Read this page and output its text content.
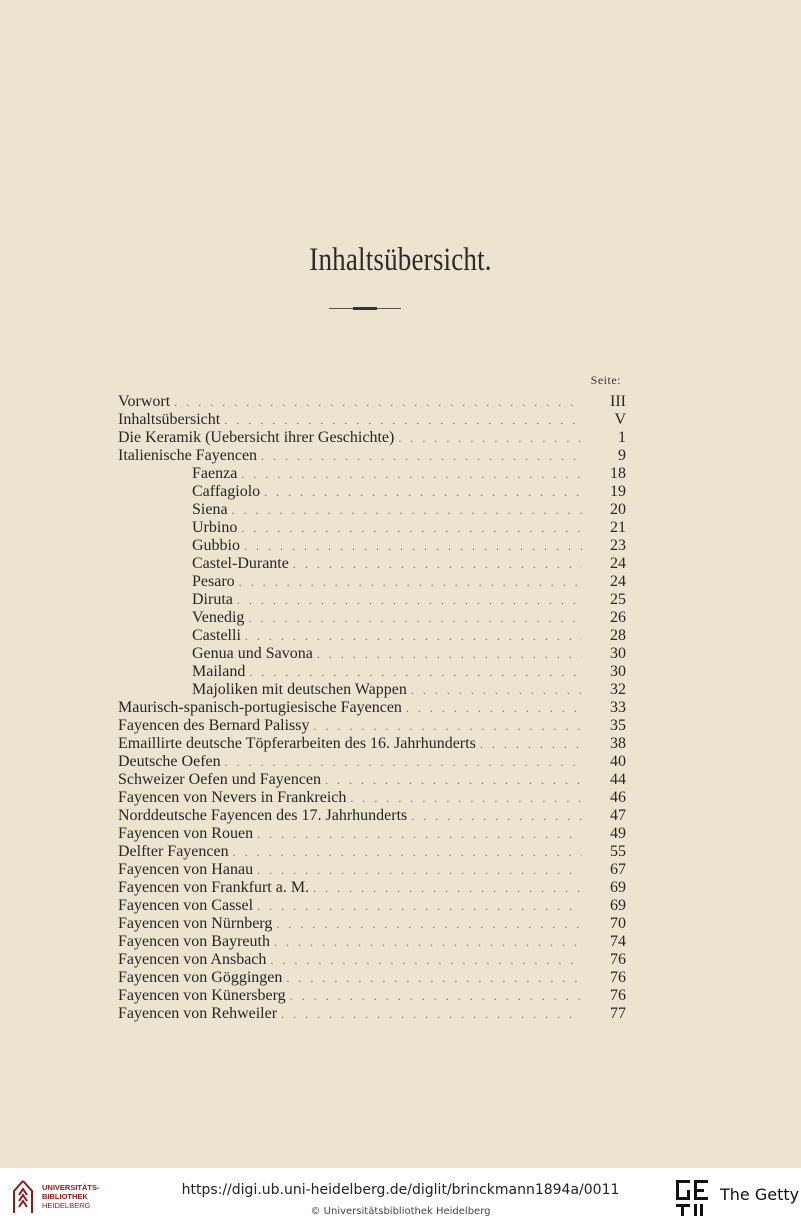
Inhaltsübersicht.
Seite:
Vorwort . . .	III
Inhaltsübersicht . . .	V
Die Keramik (Uebersicht ihrer Geschichte) . . .	1
Italienische Fayencen . . .	9
Faenza . . .	18
Caffagiolo . . .	19
Siena . . .	20
Urbino . . .	21
Gubbio . . .	23
Castel-Durante . . .	24
Pesaro . . .	24
Diruta . . .	25
Venedig . . .	26
Castelli . . .	28
Genua und Savona . . .	30
Mailand . . .	30
Majoliken mit deutschen Wappen . . .	32
Maurisch-spanisch-portugiesische Fayencen . . .	33
Fayencen des Bernard Palissy . . .	35
Emaillirte deutsche Töpferarbeiten des 16. Jahrhunderts . . .	38
Deutsche Oefen . . .	40
Schweizer Oefen und Fayencen . . .	44
Fayencen von Nevers in Frankreich . . .	46
Norddeutsche Fayencen des 17. Jahrhunderts . . .	47
Fayencen von Rouen . . .	49
Delfter Fayencen . . .	55
Fayencen von Hanau . . .	67
Fayencen von Frankfurt a. M. . . .	69
Fayencen von Cassel . . .	69
Fayencen von Nürnberg . . .	70
Fayencen von Bayreuth . . .	74
Fayencen von Ansbach . . .	76
Fayencen von Göggingen . . .	76
Fayencen von Künersberg . . .	76
Fayencen von Rehweiler . . .	77
UNIVERSITÄTS-
BIBLIOTHEK
HEIDELBERG
https://digi.ub.uni-heidelberg.de/diglit/brinckmann1894a/0011
© Universitätsbibliothek Heidelberg
The Getty
